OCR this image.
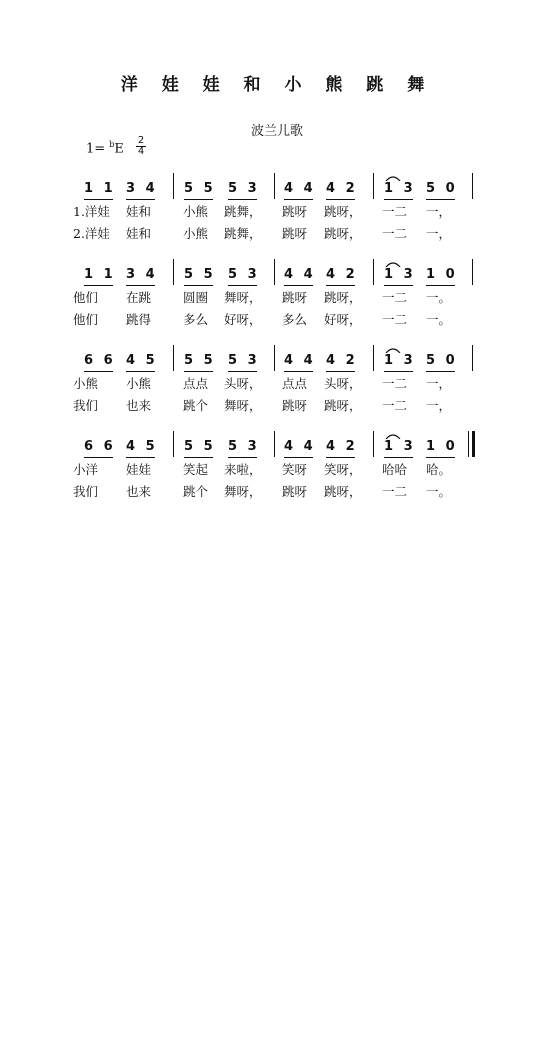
洋 娃 娃 和 小 熊 跳 舞
波兰儿歌
1= $^b$E
2
4
1 1 3 4 5 5 5 3 4 4 4 2 1 3 5 0
1.洋娃 娃和	小熊 跳舞， 跳呀 跳呀， 一二 一，
2.洋娃 娃和	小熊 跳舞， 跳呀 跳呀， 一二 一，
1 1 3 4 5 5 5 3 4 4 4 2 1 3 1 0
他们 在跳	圆圈 舞呀， 跳呀 跳呀， 一二 一。
他们 跳得	多么 好呀， 多么 好呀， 一二 一。
6 6 4 5 5 5 5 3 4 4 4 2 1 3 5 0
小熊 小熊	点点 头呀， 点点 头呀， 一二 一，
我们 也来	跳个 舞呀， 跳呀 跳呀， 一二 一，
6 6 4 5 5 5 5 3 4 4 4 2 1 3 1 0
小洋 娃娃	笑起 来啦， 笑呀 笑呀， 哈哈 哈。
我们 也来	跳个 舞呀， 跳呀 跳呀， 一二 一。
